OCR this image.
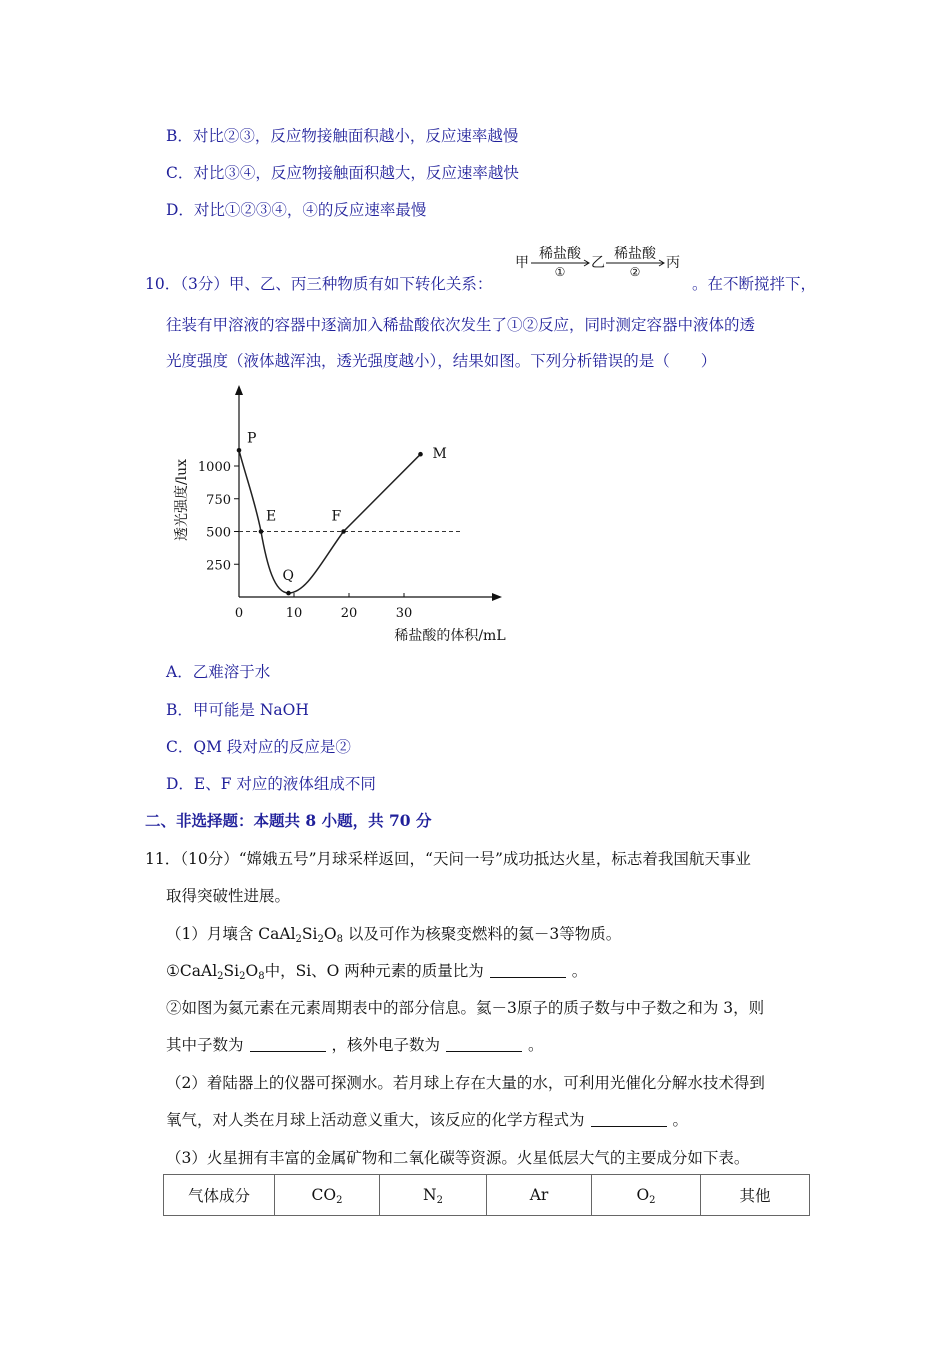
B．对比②③，反应物接触面积越小，反应速率越慢
C．对比③④，反应物接触面积越大，反应速率越快
D．对比①②③④，④的反应速率最慢
10．（3分）甲、乙、丙三种物质有如下转化关系：
甲
稀盐酸
①
乙
稀盐酸
②
丙
。在不断搅拌下，
往装有甲溶液的容器中逐滴加入稀盐酸依次发生了①②反应，同时测定容器中液体的透
光度强度（液体越浑浊，透光强度越小），结果如图。下列分析错误的是（　　）
0	10	20	30
250
500
750
1000
P
E
Q
F
M
透光强度/lux
稀盐酸的体积/mL
A．乙难溶于水
B．甲可能是 NaOH
C．QM 段对应的反应是②
D．E、F 对应的液体组成不同
二、非选择题：本题共 8 小题，共 70 分
11．（10分）“嫦娥五号”月球采样返回，“天问一号”成功抵达火星，标志着我国航天事业
取得突破性进展。
（1）月壤含 $CaAl_2Si_2O_8$ 以及可作为核聚变燃料的氦－3等物质。
$①CaAl_2Si_2O_8$中，Si、O 两种元素的质量比为	。
②如图为氦元素在元素周期表中的部分信息。氦－3原子的质子数与中子数之和为 3，则
其中子数为	，核外电子数为	。
（2）着陆器上的仪器可探测水。若月球上存在大量的水，可利用光催化分解水技术得到
氧气，对人类在月球上活动意义重大，该反应的化学方程式为	。
（3）火星拥有丰富的金属矿物和二氧化碳等资源。火星低层大气的主要成分如下表。
气体成分	$CO_2$	$N_2$	Ar	$O_2$	其他
